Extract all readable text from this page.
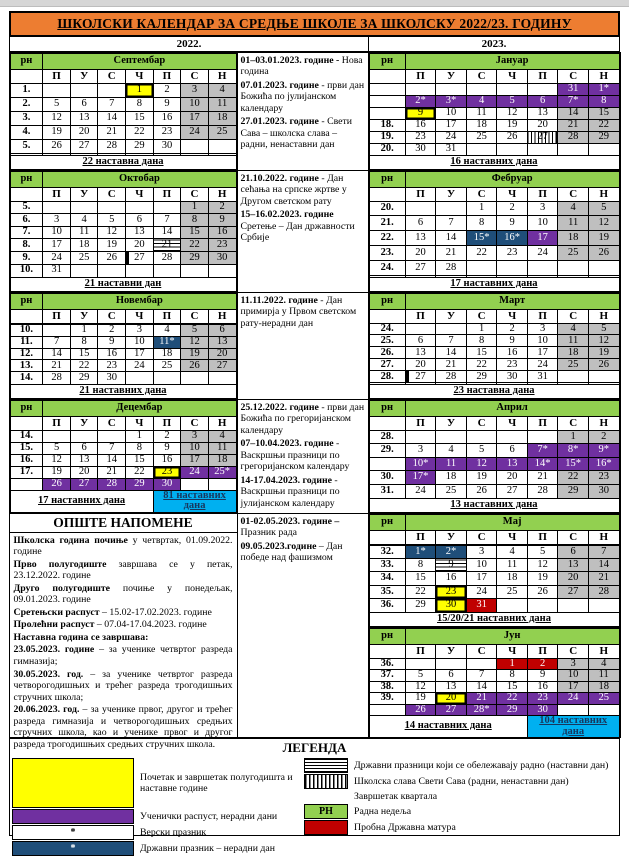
ШКОЛСКИ КАЛЕНДАР ЗА СРЕДЊЕ ШКОЛЕ ЗА ШКОЛСКУ 2022/23. ГОДИНУ
2022.	2023.
рн	Септембар						
	П	У	С	Ч	П	С	Н
1.				1	2	3	4
2.	5	6	7	8	9	10	11
3.	12	13	14	15	16	17	18
4.	19	20	21	22	23	24	25
5.	26	27	28	29	30		

22 наставна дана							
рн	Октобар						
	П	У	С	Ч	П	С	Н
5.						1	2
6.	3	4	5	6	7	8	9
7.	10	11	12	13	14	15	16
8.	17	18	19	20	21	22	23
9.	24	25	26	27	28	29	30
10.	31						
21 наставни дан							
рн	Новембар						
	П	У	С	Ч	П	С	Н

10.		1	2	3	4	5	6
11.	7	8	9	10	11*	12	13
12.	14	15	16	17	18	19	20
13.	21	22	23	24	25	26	27
14.	28	29	30				
21 наставних дана							
рн	Децембар						
	П	У	С	Ч	П	С	Н
14.				1	2	3	4
15.	5	6	7	8	9	10	11
16.	12	13	14	15	16	17	18
17.	19	20	21	22	23	24	25*
	26	27	28	29	30		
17 наставних дана					81 наставних дана		
ОПШТЕ НАПОМЕНЕ

Школска година почиње у четвртак, 01.09.2022. године

Прво полугодиште завршава се у петак, 23.12.2022. године

Друго полугодиште почиње у понедељак, 09.01.2023. године

Сретењски распуст – 15.02-17.02.2023. године

Пролећни распуст – 07.04-17.04.2023. године

Наставна година се завршава:

23.05.2023. године – за ученике четвртог разреда гимназија;

30.05.2023. год. – за ученике четвртог разреда четворогодишњих и трећег разреда трогодишњих стручних школа;

20.06.2023. год. – за ученике првог, другог и трећег разреда гимназија и четворогодишњих средњих стручних школа, као и ученике првог и другог разреда трогодишњих средњих стручних школа.

01–03.01.2023. године - Нова година

07.01.2023. године - први дан Божића по јулијанском календару

27.01.2023. године - Свети Сава – школска слава – радни, ненаставни дан

21.10.2022. године - Дан сећања на српске жртве у Другом светском рату

15–16.02.2023. године Сретење – Дан државности Србије

11.11.2022. године - Дан примирја у Првом светском рату-нерадни дан

25.12.2022. године - први дан Божића по грегоријанском календару

07–10.04.2023. године - Васкршњи празници по грегоријанском календару

14-17.04.2023. године - Васкршњи празници по јулијанском календару

01-02.05.2023. године – Празник рада

09.05.2023.године – Дан победе над фашизмом

рн	Јануар						
	П	У	С	Ч	П	С	Н
						31	1*
	2*	3*	4	5	6	7*	8
	9	10	11	12	13	14	15
18.	16	17	18	19	20	21	22
19.	23	24	25	26	27	28	29
20.	30	31					
16 наставних дана							
рн	Фебруар						
	П	У	С	Ч	П	С	Н
20.			1	2	3	4	5
21.	6	7	8	9	10	11	12
22.	13	14	15*	16*	17	18	19
23.	20	21	22	23	24	25	26
24.	27	28					

17 наставних дана							
рн	Март						
	П	У	С	Ч	П	С	Н
24.			1	2	3	4	5
25.	6	7	8	9	10	11	12
26.	13	14	15	16	17	18	19
27.	20	21	22	23	24	25	26
28.	27	28	29	30	31		

23 наставна дана							
рн	Април						
	П	У	С	Ч	П	С	Н
28.						1	2
29.	3	4	5	6	7*	8*	9*
	10*	11	12	13	14*	15*	16*
30.	17*	18	19	20	21	22	23
31.	24	25	26	27	28	29	30
13 наставних дана							
рн	Мај						
	П	У	С	Ч	П	С	Н

32.	1*	2*	3	4	5	6	7
33.	8	9	10	11	12	13	14
34.	15	16	17	18	19	20	21
35.	22	23	24	25	26	27	28
36.	29	30	31				
15/20/21 наставних дана							
рн	Јун						
	П	У	С	Ч	П	С	Н
36.				1	2	3	4
37.	5	6	7	8	9	10	11
38.	12	13	14	15	16	17	18
39.	19	20	21	22	23	24	25
	26	27	28*	29	30		
14 наставних дана					104 наставних дана		
ЛЕГЕНДА
Почетак и завршетак полугодишта и наставне године
Ученички распуст, нерадни дани
*	Верски празник
*	Државни празник – нерадни дан
Државни празници који се обележавају радно (наставни дан)
Школска слава Свети Сава (радни, ненаставни дан)
Завршетак квартала
РН	Радна недеља
Пробна Државна матура
